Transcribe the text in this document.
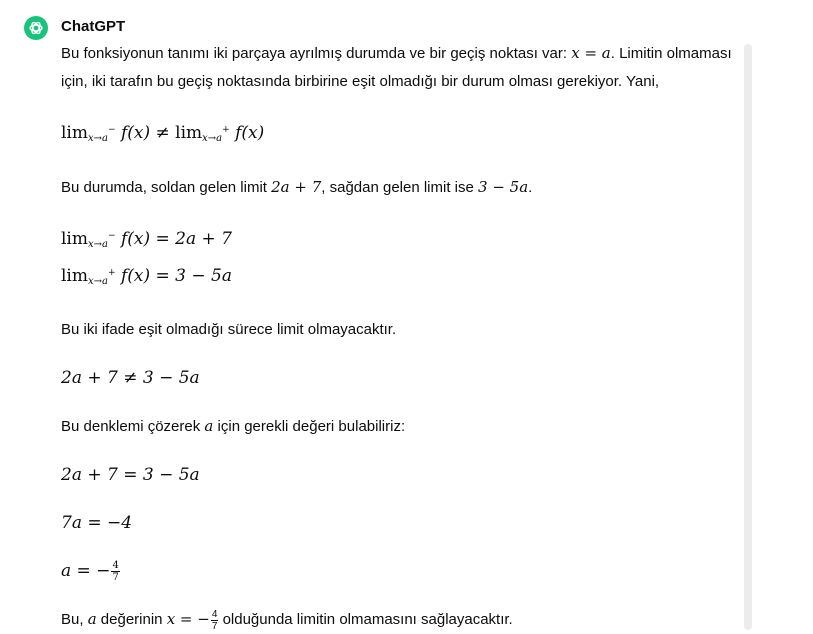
ChatGPT

Bu fonksiyonun tanımı iki parçaya ayrılmış durumda ve bir geçiş noktası var: x = a. Limitin olmaması için, iki tarafın bu geçiş noktasında birbirine eşit olmadığı bir durum olması gerekiyor. Yani,

$\lim_{x\to a}^- f(x) \ne \lim_{x\to a}^+ f(x)$

Bu durumda, soldan gelen limit 2a + 7, sağdan gelen limit ise 3 − 5a.

$\lim_{x\to a}^- f(x) = 2a + 7$

$\lim_{x\to a}^+ f(x) = 3 - 5a$

Bu iki ifade eşit olmadığı sürece limit olmayacaktır.

2a + 7 ≠ 3 − 5a

Bu denklemi çözerek a için gerekli değeri bulabiliriz:

2a + 7 = 3 − 5a

7a = −4

a = − $\frac{4}{7}$

Bu, a değerinin x = − $\frac{4}{7}$ olduğunda limitin olmamasını sağlayacaktır.
